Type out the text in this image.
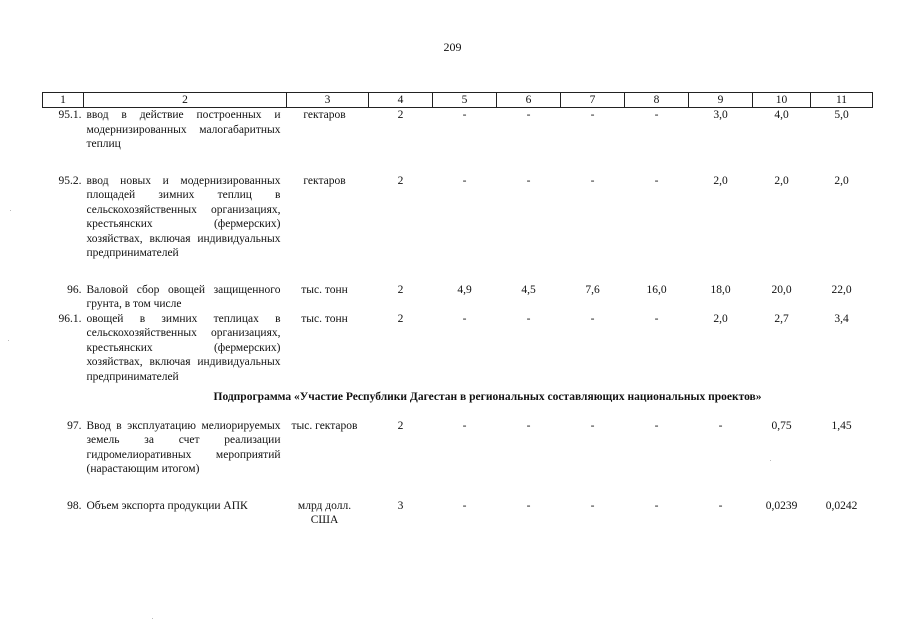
209
1	2	3	4	5	6	7	8	9	10	11
95.1.	ввод в действие построенных и модернизированных малогабаритных теплиц	гектаров	2	-	-	-	-	3,0	4,0	5,0

95.2.	ввод новых и модернизированных площадей зимних теплиц в сельскохозяйственных организациях, крестьянских (фермерских) хозяйствах, включая индивидуальных предпринимателей	гектаров	2	-	-	-	-	2,0	2,0	2,0

96.	Валовой сбор овощей защищенного грунта, в том числе	тыс. тонн	2	4,9	4,5	7,6	16,0	18,0	20,0	22,0
96.1.	овощей в зимних теплицах в сельскохозяйственных организациях, крестьянских (фермерских) хозяйствах, включая индивидуальных предпринимателей	тыс. тонн	2	-	-	-	-	2,0	2,7	3,4
Подпрограмма «Участие Республики Дагестан в региональных составляющих национальных проектов»										
97.	Ввод в эксплуатацию мелиорируемых земель за счет реализации гидромелиоративных мероприятий (нарастающим итогом)	тыс. гектаров	2	-	-	-	-	-	0,75	1,45

98.	Объем экспорта продукции АПК	млрд долл. США	3	-	-	-	-	-	0,0239	0,0242
